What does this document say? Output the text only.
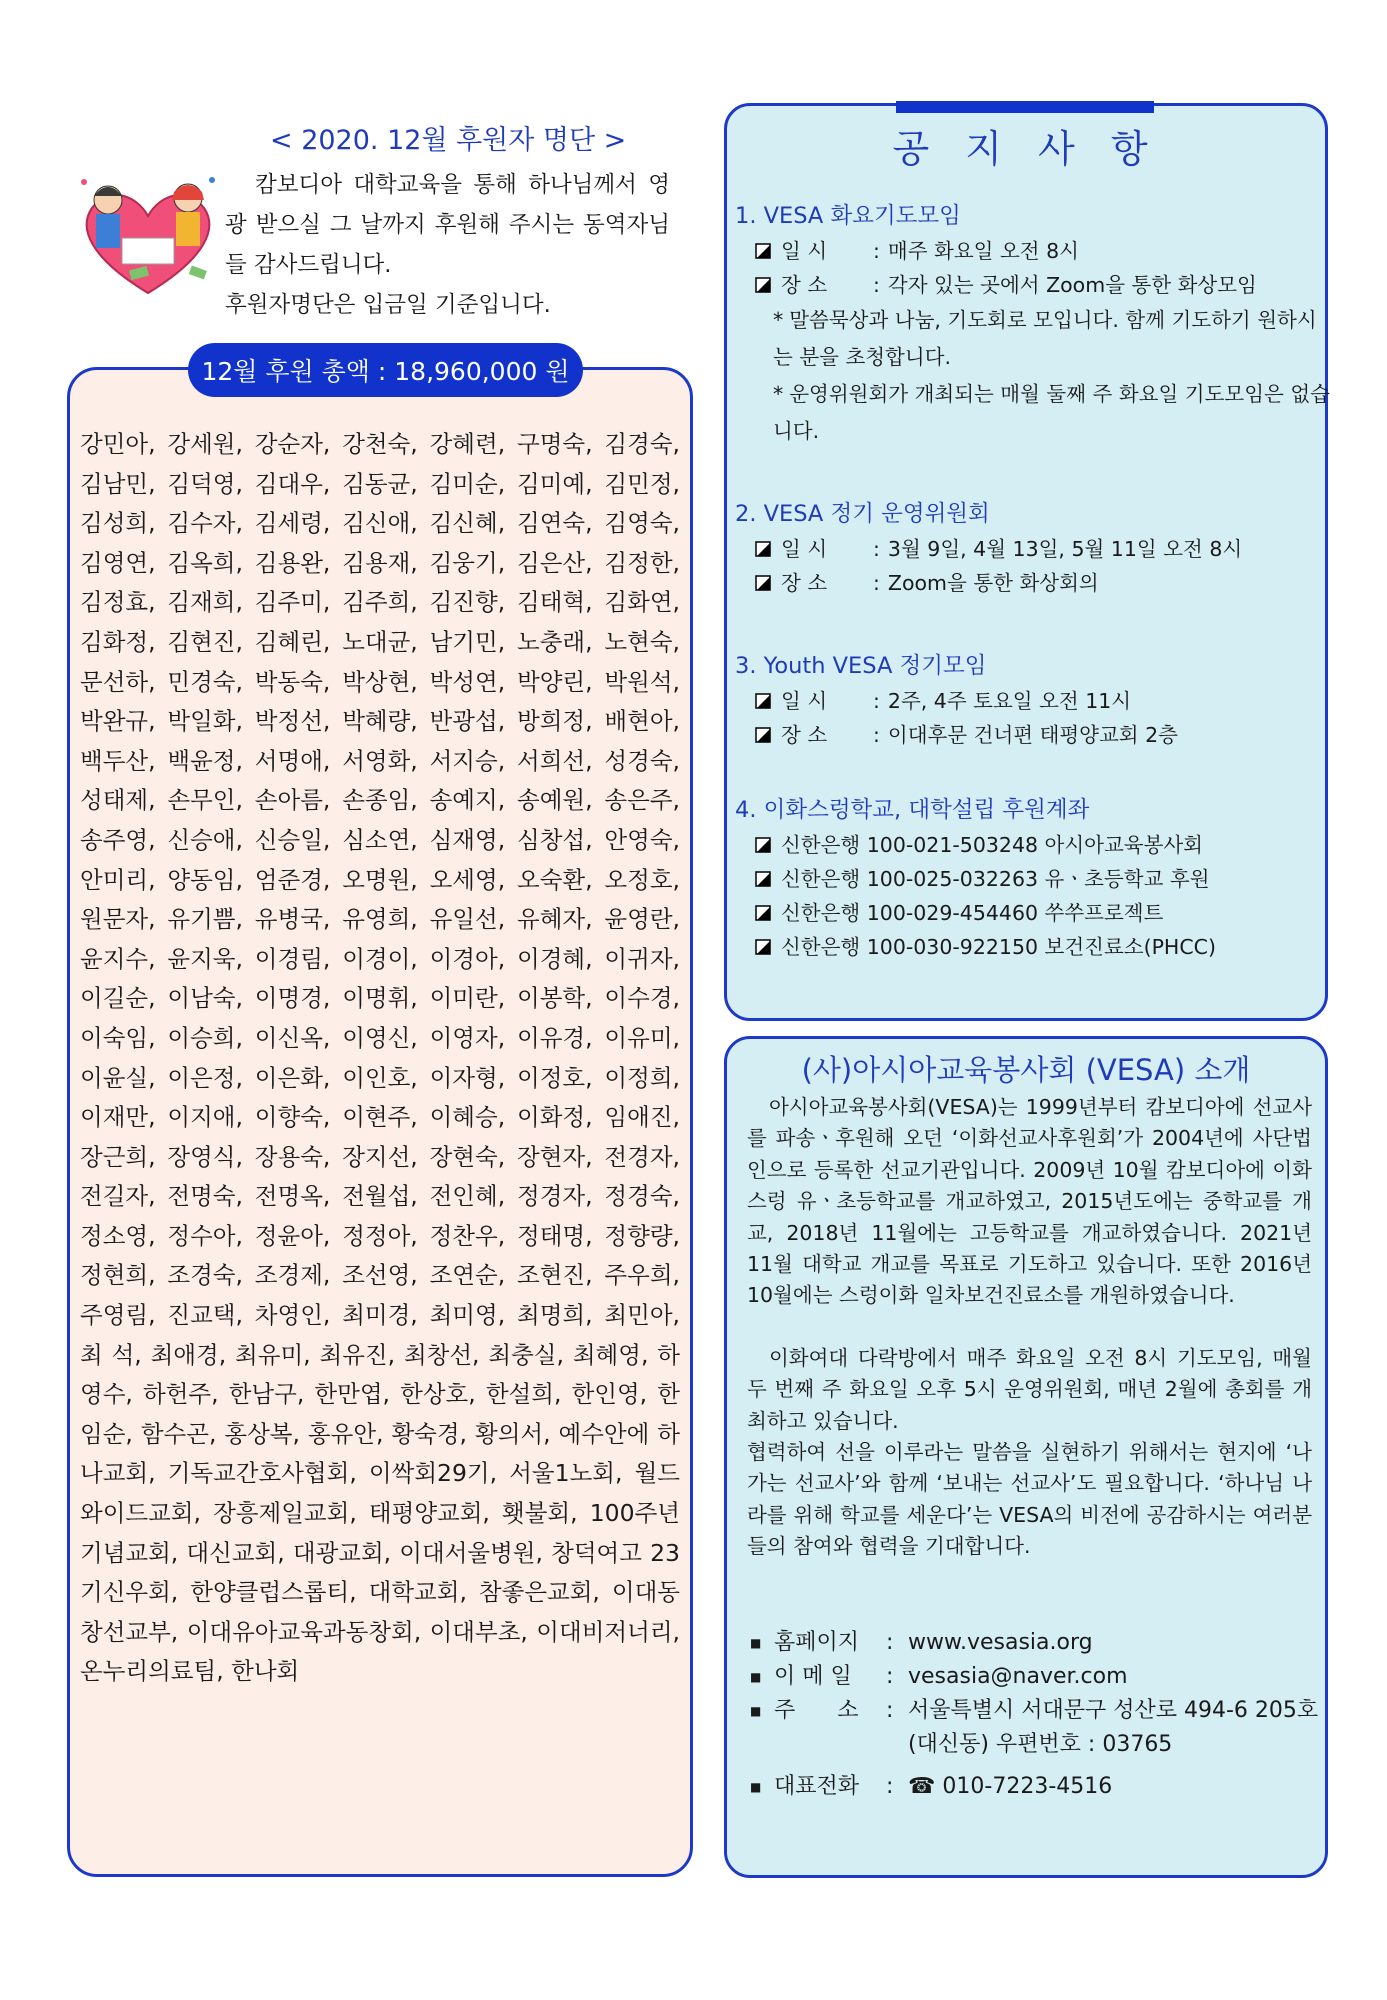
< 2020. 12월 후원자 명단 >

캄보디아 대학교육을 통해 하나님께서 영광 받으실 그 날까지 후원해 주시는 동역자님들 감사드립니다.

후원자명단은 입금일 기준입니다.

12월 후원 총액 : 18,960,000 원
강민아, 강세원, 강순자, 강천숙, 강혜련, 구명숙, 김경숙, 김남민, 김덕영, 김대우, 김동균, 김미순, 김미예, 김민정, 김성희, 김수자, 김세령, 김신애, 김신혜, 김연숙, 김영숙, 김영연, 김옥희, 김용완, 김용재, 김웅기, 김은산, 김정한, 김정효, 김재희, 김주미, 김주희, 김진향, 김태혁, 김화연, 김화정, 김현진, 김혜린, 노대균, 남기민, 노충래, 노현숙, 문선하, 민경숙, 박동숙, 박상현, 박성연, 박양린, 박원석, 박완규, 박일화, 박정선, 박혜량, 반광섭, 방희정, 배현아, 백두산, 백윤정, 서명애, 서영화, 서지승, 서희선, 성경숙, 성태제, 손무인, 손아름, 손종임, 송예지, 송예원, 송은주, 송주영, 신승애, 신승일, 심소연, 심재영, 심창섭, 안영숙, 안미리, 양동임, 엄준경, 오명원, 오세영, 오숙환, 오정호, 원문자, 유기쁨, 유병국, 유영희, 유일선, 유혜자, 윤영란, 윤지수, 윤지욱, 이경림, 이경이, 이경아, 이경혜, 이귀자, 이길순, 이남숙, 이명경, 이명휘, 이미란, 이봉학, 이수경, 이숙임, 이승희, 이신옥, 이영신, 이영자, 이유경, 이유미, 이윤실, 이은정, 이은화, 이인호, 이자형, 이정호, 이정희, 이재만, 이지애, 이향숙, 이현주, 이혜승, 이화정, 임애진, 장근희, 장영식, 장용숙, 장지선, 장현숙, 장현자, 전경자, 전길자, 전명숙, 전명옥, 전월섭, 전인혜, 정경자, 정경숙, 정소영, 정수아, 정윤아, 정정아, 정찬우, 정태명, 정향량, 정현희, 조경숙, 조경제, 조선영, 조연순, 조현진, 주우희, 주영림, 진교택, 차영인, 최미경, 최미영, 최명희, 최민아, 최 석, 최애경, 최유미, 최유진, 최창선, 최충실, 최혜영, 하영수, 하헌주, 한남구, 한만엽, 한상호, 한설희, 한인영, 한임순, 함수곤, 홍상복, 홍유안, 황숙경, 황의서, 예수안에 하나교회, 기독교간호사협회, 이싹회29기, 서울1노회, 월드와이드교회, 장흥제일교회, 태평양교회, 횃불회, 100주년기념교회, 대신교회, 대광교회, 이대서울병원, 창덕여고 23기신우회, 한양클럽스롭티, 대학교회, 참좋은교회, 이대동창선교부, 이대유아교육과동창회, 이대부초, 이대비저너리, 온누리의료팀, 한나회
공 지 사 항
1. VESA 화요기도모임
일 시	: 매주 화요일 오전 8시
장 소	: 각자 있는 곳에서 Zoom을 통한 화상모임
* 말씀묵상과 나눔, 기도회로 모입니다. 함께 기도하기 원하시는 분을 초청합니다.
* 운영위원회가 개최되는 매월 둘째 주 화요일 기도모임은 없습니다.
2. VESA 정기 운영위원회
일 시	: 3월 9일, 4월 13일, 5월 11일 오전 8시
장 소	: Zoom을 통한 화상회의
3. Youth VESA 정기모임
일 시	: 2주, 4주 토요일 오전 11시
장 소	: 이대후문 건너편 태평양교회 2층
4. 이화스렁학교, 대학설립 후원계좌
신한은행 100-021-503248 아시아교육봉사회
신한은행 100-025-032263 유ㆍ초등학교 후원
신한은행 100-029-454460 쑤쑤프로젝트
신한은행 100-030-922150 보건진료소(PHCC)
(사)아시아교육봉사회 (VESA) 소개

아시아교육봉사회(VESA)는 1999년부터 캄보디아에 선교사를 파송ㆍ후원해 오던 ‘이화선교사후원회’가 2004년에 사단법인으로 등록한 선교기관입니다. 2009년 10월 캄보디아에 이화스렁 유ㆍ초등학교를 개교하였고, 2015년도에는 중학교를 개교, 2018년 11월에는 고등학교를 개교하였습니다. 2021년 11월 대학교 개교를 목표로 기도하고 있습니다. 또한 2016년 10월에는 스렁이화 일차보건진료소를 개원하였습니다.

이화여대 다락방에서 매주 화요일 오전 8시 기도모임, 매월 두 번째 주 화요일 오후 5시 운영위원회, 매년 2월에 총회를 개최하고 있습니다.

협력하여 선을 이루라는 말씀을 실현하기 위해서는 현지에 ‘나가는 선교사’와 함께 ‘보내는 선교사’도 필요합니다. ‘하나님 나라를 위해 학교를 세운다’는 VESA의 비전에 공감하시는 여러분들의 참여와 협력을 기대합니다.

■ 홈페이지	: www.vesasia.org
■ 이 메 일	: vesasia@naver.com
■ 주      소	: 서울특별시 서대문구 성산로 494-6 205호(대신동) 우편번호 : 03765
■ 대표전화	: ☎ 010-7223-4516
